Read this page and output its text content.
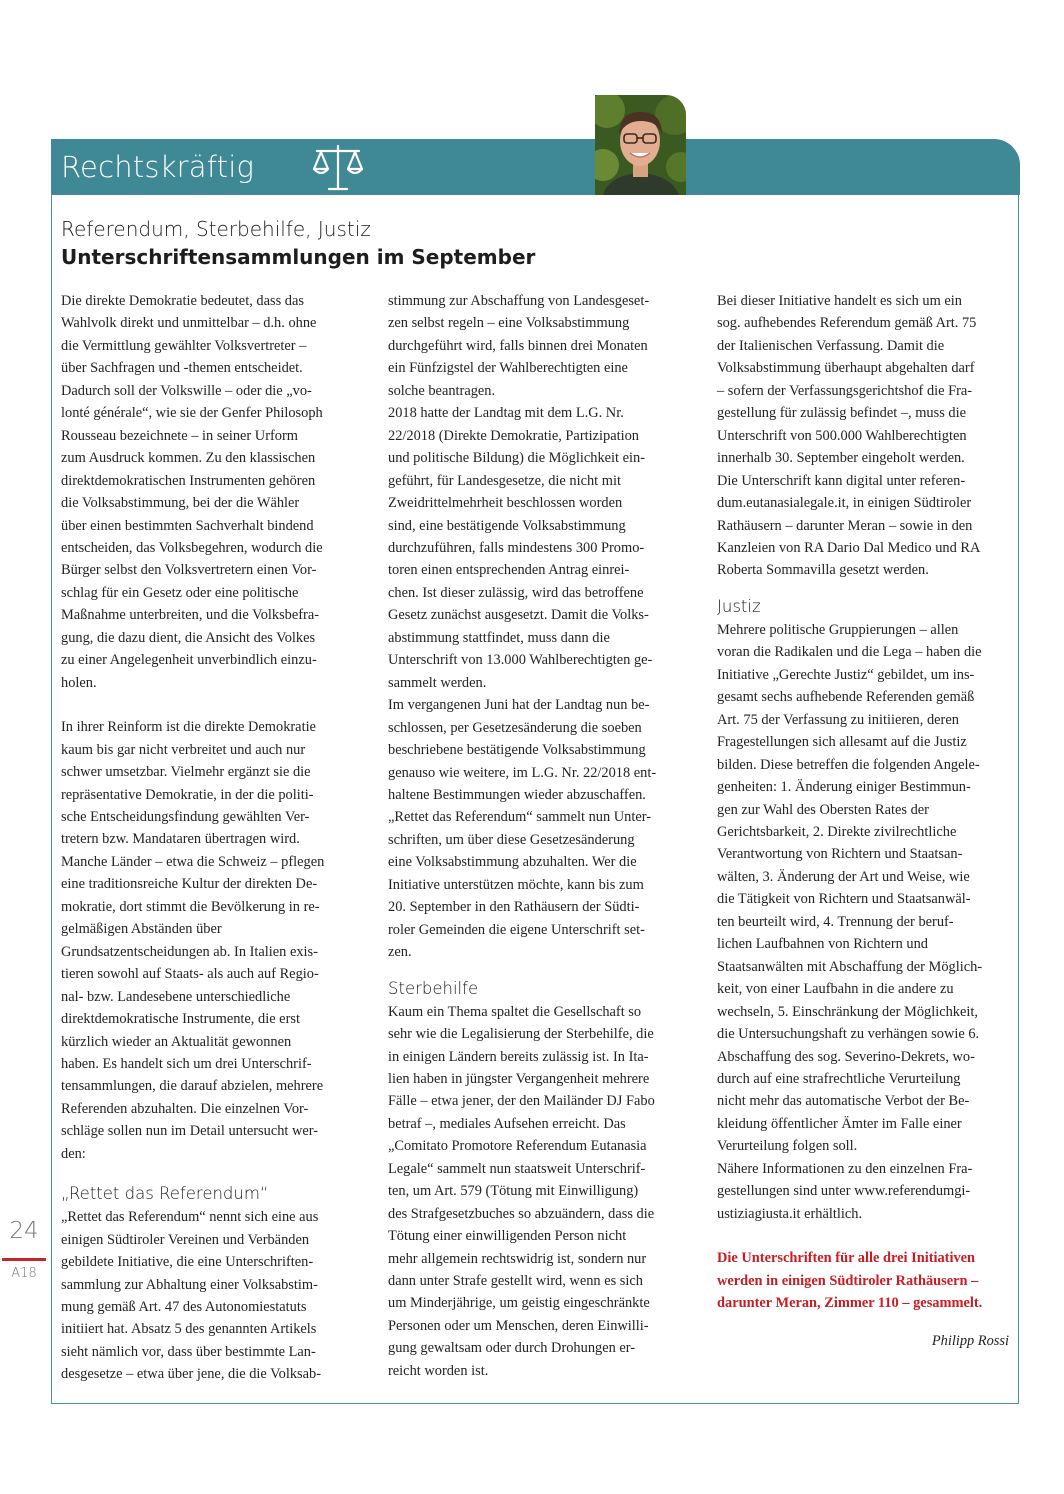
Rechtskräftig
Referendum, Sterbehilfe, Justiz
Unterschriftensammlungen im September

Die direkte Demokratie bedeutet, dass das
Wahlvolk direkt und unmittelbar – d.h. ohne
die Vermittlung gewählter Volksvertreter –
über Sachfragen und -themen entscheidet.
Dadurch soll der Volkswille – oder die „vo-
lonté générale“, wie sie der Genfer Philosoph
Rousseau bezeichnete – in seiner Urform
zum Ausdruck kommen. Zu den klassischen
direktdemokratischen Instrumenten gehören
die Volksabstimmung, bei der die Wähler
über einen bestimmten Sachverhalt bindend
entscheiden, das Volksbegehren, wodurch die
Bürger selbst den Volksvertretern einen Vor-
schlag für ein Gesetz oder eine politische
Maßnahme unterbreiten, und die Volksbefra-
gung, die dazu dient, die Ansicht des Volkes
zu einer Angelegenheit unverbindlich einzu-
holen.

In ihrer Reinform ist die direkte Demokratie
kaum bis gar nicht verbreitet und auch nur
schwer umsetzbar. Vielmehr ergänzt sie die
repräsentative Demokratie, in der die politi-
sche Entscheidungsfindung gewählten Ver-
tretern bzw. Mandataren übertragen wird.
Manche Länder – etwa die Schweiz – pflegen
eine traditionsreiche Kultur der direkten De-
mokratie, dort stimmt die Bevölkerung in re-
gelmäßigen Abständen über
Grundsatzentscheidungen ab. In Italien exis-
tieren sowohl auf Staats- als auch auf Regio-
nal- bzw. Landesebene unterschiedliche
direktdemokratische Instrumente, die erst
kürzlich wieder an Aktualität gewonnen
haben. Es handelt sich um drei Unterschrif-
tensammlungen, die darauf abzielen, mehrere
Referenden abzuhalten. Die einzelnen Vor-
schläge sollen nun im Detail untersucht wer-
den:

„Rettet das Referendum“

„Rettet das Referendum“ nennt sich eine aus
einigen Südtiroler Vereinen und Verbänden
gebildete Initiative, die eine Unterschriften-
sammlung zur Abhaltung einer Volksabstim-
mung gemäß Art. 47 des Autonomiestatuts
initiiert hat. Absatz 5 des genannten Artikels
sieht nämlich vor, dass über bestimmte Lan-
desgesetze – etwa über jene, die die Volksab-

stimmung zur Abschaffung von Landesgeset-
zen selbst regeln – eine Volksabstimmung
durchgeführt wird, falls binnen drei Monaten
ein Fünfzigstel der Wahlberechtigten eine
solche beantragen.
2018 hatte der Landtag mit dem L.G. Nr.
22/2018 (Direkte Demokratie, Partizipation
und politische Bildung) die Möglichkeit ein-
geführt, für Landesgesetze, die nicht mit
Zweidrittelmehrheit beschlossen worden
sind, eine bestätigende Volksabstimmung
durchzuführen, falls mindestens 300 Promo-
toren einen entsprechenden Antrag einrei-
chen. Ist dieser zulässig, wird das betroffene
Gesetz zunächst ausgesetzt. Damit die Volks-
abstimmung stattfindet, muss dann die
Unterschrift von 13.000 Wahlberechtigten ge-
sammelt werden.
Im vergangenen Juni hat der Landtag nun be-
schlossen, per Gesetzesänderung die soeben
beschriebene bestätigende Volksabstimmung
genauso wie weitere, im L.G. Nr. 22/2018 ent-
haltene Bestimmungen wieder abzuschaffen.
„Rettet das Referendum“ sammelt nun Unter-
schriften, um über diese Gesetzesänderung
eine Volksabstimmung abzuhalten. Wer die
Initiative unterstützen möchte, kann bis zum
20. September in den Rathäusern der Südti-
roler Gemeinden die eigene Unterschrift set-
zen.

Sterbehilfe

Kaum ein Thema spaltet die Gesellschaft so
sehr wie die Legalisierung der Sterbehilfe, die
in einigen Ländern bereits zulässig ist. In Ita-
lien haben in jüngster Vergangenheit mehrere
Fälle – etwa jener, der den Mailänder DJ Fabo
betraf –, mediales Aufsehen erreicht. Das
„Comitato Promotore Referendum Eutanasia
Legale“ sammelt nun staatsweit Unterschrif-
ten, um Art. 579 (Tötung mit Einwilligung)
des Strafgesetzbuches so abzuändern, dass die
Tötung einer einwilligenden Person nicht
mehr allgemein rechtswidrig ist, sondern nur
dann unter Strafe gestellt wird, wenn es sich
um Minderjährige, um geistig eingeschränkte
Personen oder um Menschen, deren Einwilli-
gung gewaltsam oder durch Drohungen er-
reicht worden ist.

Bei dieser Initiative handelt es sich um ein
sog. aufhebendes Referendum gemäß Art. 75
der Italienischen Verfassung. Damit die
Volksabstimmung überhaupt abgehalten darf
– sofern der Verfassungsgerichtshof die Fra-
gestellung für zulässig befindet –, muss die
Unterschrift von 500.000 Wahlberechtigten
innerhalb 30. September eingeholt werden.
Die Unterschrift kann digital unter referen-
dum.eutanasialegale.it, in einigen Südtiroler
Rathäusern – darunter Meran – sowie in den
Kanzleien von RA Dario Dal Medico und RA
Roberta Sommavilla gesetzt werden.

Justiz

Mehrere politische Gruppierungen – allen
voran die Radikalen und die Lega – haben die
Initiative „Gerechte Justiz“ gebildet, um ins-
gesamt sechs aufhebende Referenden gemäß
Art. 75 der Verfassung zu initiieren, deren
Fragestellungen sich allesamt auf die Justiz
bilden. Diese betreffen die folgenden Angele-
genheiten: 1. Änderung einiger Bestimmun-
gen zur Wahl des Obersten Rates der
Gerichtsbarkeit, 2. Direkte zivilrechtliche
Verantwortung von Richtern und Staatsan-
wälten, 3. Änderung der Art und Weise, wie
die Tätigkeit von Richtern und Staatsanwäl-
ten beurteilt wird, 4. Trennung der beruf-
lichen Laufbahnen von Richtern und
Staatsanwälten mit Abschaffung der Möglich-
keit, von einer Laufbahn in die andere zu
wechseln, 5. Einschränkung der Möglichkeit,
die Untersuchungshaft zu verhängen sowie 6.
Abschaffung des sog. Severino-Dekrets, wo-
durch auf eine strafrechtliche Verurteilung
nicht mehr das automatische Verbot der Be-
kleidung öffentlicher Ämter im Falle einer
Verurteilung folgen soll.
Nähere Informationen zu den einzelnen Fra-
gestellungen sind unter www.referendumgi-
ustiziagiusta.it erhältlich.

Die Unterschriften für alle drei Initiativen
werden in einigen Südtiroler Rathäusern –
darunter Meran, Zimmer 110 – gesammelt.

Philipp Rossi

24
A18
